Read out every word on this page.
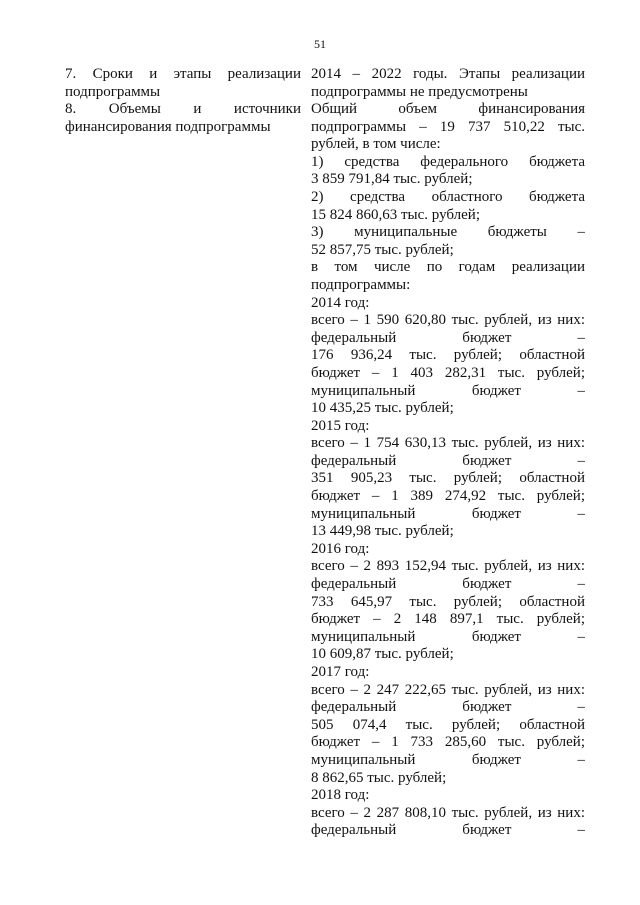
51
7. Сроки и этапы реализации
подпрограммы
2014 – 2022 годы. Этапы реализации
подпрограммы не предусмотрены
8. Объемы и источники
финансирования подпрограммы
Общий объем финансирования
подпрограммы – 19 737 510,22 тыс.
рублей, в том числе:
1) средства федерального бюджета
3 859 791,84 тыс. рублей;
2) средства областного бюджета
15 824 860,63 тыс. рублей;
3) муниципальные бюджеты –
52 857,75 тыс. рублей;
в том числе по годам реализации
подпрограммы:
2014 год:
всего – 1 590 620,80 тыс. рублей, из них:
федеральный бюджет –
176 936,24 тыс. рублей; областной
бюджет – 1 403 282,31 тыс. рублей;
муниципальный бюджет –
10 435,25 тыс. рублей;
2015 год:
всего – 1 754 630,13 тыс. рублей, из них:
федеральный бюджет –
351 905,23 тыс. рублей; областной
бюджет – 1 389 274,92 тыс. рублей;
муниципальный бюджет –
13 449,98 тыс. рублей;
2016 год:
всего – 2 893 152,94 тыс. рублей, из них:
федеральный бюджет –
733 645,97 тыс. рублей; областной
бюджет – 2 148 897,1 тыс. рублей;
муниципальный бюджет –
10 609,87 тыс. рублей;
2017 год:
всего – 2 247 222,65 тыс. рублей, из них:
федеральный бюджет –
505 074,4 тыс. рублей; областной
бюджет – 1 733 285,60 тыс. рублей;
муниципальный бюджет –
8 862,65 тыс. рублей;
2018 год:
всего – 2 287 808,10 тыс. рублей, из них:
федеральный бюджет –
